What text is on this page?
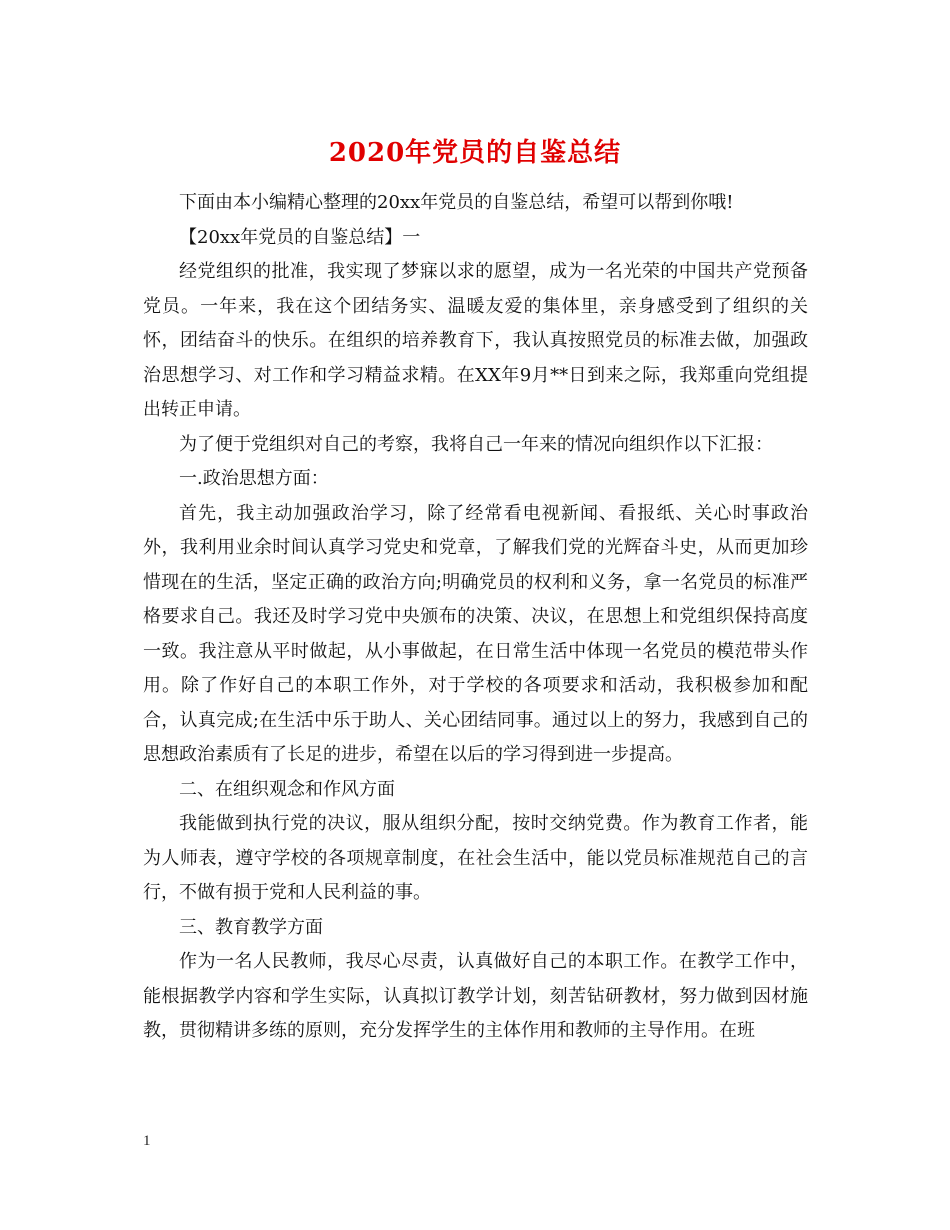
2020年党员的自鉴总结

下面由本小编精心整理的20xx年党员的自鉴总结，希望可以帮到你哦!

【20xx年党员的自鉴总结】一

经党组织的批准，我实现了梦寐以求的愿望，成为一名光荣的中国共产党预备党员。一年来，我在这个团结务实、温暖友爱的集体里，亲身感受到了组织的关怀，团结奋斗的快乐。在组织的培养教育下，我认真按照党员的标准去做，加强政治思想学习、对工作和学习精益求精。在XX年9月**日到来之际，我郑重向党组提出转正申请。

为了便于党组织对自己的考察，我将自己一年来的情况向组织作以下汇报：

一.政治思想方面：

首先，我主动加强政治学习，除了经常看电视新闻、看报纸、关心时事政治外，我利用业余时间认真学习党史和党章，了解我们党的光辉奋斗史，从而更加珍惜现在的生活，坚定正确的政治方向;明确党员的权利和义务，拿一名党员的标准严格要求自己。我还及时学习党中央颁布的决策、决议，在思想上和党组织保持高度一致。我注意从平时做起，从小事做起，在日常生活中体现一名党员的模范带头作用。除了作好自己的本职工作外，对于学校的各项要求和活动，我积极参加和配合，认真完成;在生活中乐于助人、关心团结同事。通过以上的努力，我感到自己的思想政治素质有了长足的进步，希望在以后的学习得到进一步提高。

二、在组织观念和作风方面

我能做到执行党的决议，服从组织分配，按时交纳党费。作为教育工作者，能为人师表，遵守学校的各项规章制度，在社会生活中，能以党员标准规范自己的言行，不做有损于党和人民利益的事。

三、教育教学方面

作为一名人民教师，我尽心尽责，认真做好自己的本职工作。在教学工作中，能根据教学内容和学生实际，认真拟订教学计划，刻苦钻研教材，努力做到因材施教，贯彻精讲多练的原则，充分发挥学生的主体作用和教师的主导作用。在班

1
